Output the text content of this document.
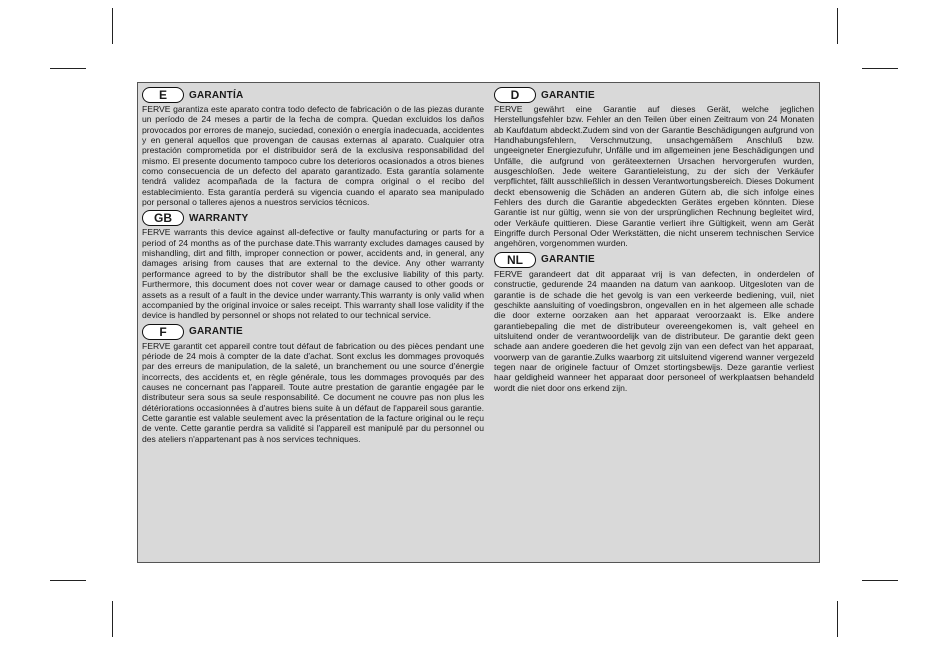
E	GARANTÍA

FERVE garantiza este aparato contra todo defecto de fabricación o de las piezas durante un período de 24 meses a partir de la fecha de compra. Quedan excluidos los daños provocados por errores de manejo, suciedad, conexión o energía inadecuada, accidentes y en general aquellos que provengan de causas externas al aparato. Cualquier otra prestación comprometida por el distribuidor será de la exclusiva responsabilidad del mismo. El presente documento tampoco cubre los deterioros ocasionados a otros bienes como consecuencia de un defecto del aparato garantizado. Esta garantía solamente tendrá validez acompañada de la factura de compra original o el recibo del establecimiento. Esta garantía perderá su vigencia cuando el aparato sea manipulado por personal o talleres ajenos a nuestros servicios técnicos.

GB	WARRANTY

FERVE warrants this device against all-defective or faulty manufacturing or parts for a period of 24 months as of the purchase date.This warranty excludes damages caused by mishandling, dirt and filth, improper connection or power, accidents and, in general, any damages arising from causes that are external to the device. Any other warranty performance agreed to by the distributor shall be the exclusive liability of this party. Furthermore, this document does not cover wear or damage caused to other goods or assets as a result of a fault in the device under warranty.This warranty is only valid when accompanied by the original invoice or sales receipt. This warranty shall lose validity if the device is handled by personnel or shops not related to our technical service.

F	GARANTIE

FERVE garantit cet appareil contre tout défaut de fabrication ou des pièces pendant une période de 24 mois à compter de la date d'achat. Sont exclus les dommages provoqués par des erreurs de manipulation, de la saleté, un branchement ou une source d'énergie incorrects, des accidents et, en règle générale, tous les dommages provoqués par des causes ne concernant pas l'appareil. Toute autre prestation de garantie engagée par le distributeur sera sous sa seule responsabilité. Ce document ne couvre pas non plus les détériorations occasionnées à d'autres biens suite à un défaut de l'appareil sous garantie. Cette garantie est valable seulement avec la présentation de la facture original ou le reçu de vente. Cette garantie perdra sa validité si l'appareil est manipulé par du personnel ou des ateliers n'appartenant pas à nos services techniques.

D	GARANTIE

FERVE gewährt eine Garantie auf dieses Gerät, welche jeglichen Herstellungsfehler bzw. Fehler an den Teilen über einen Zeitraum von 24 Monaten ab Kaufdatum abdeckt.Zudem sind von der Garantie Beschädigungen aufgrund von Handhabungsfehlern, Verschmutzung, unsachgemäßem Anschluß bzw. ungeeigneter Energiezufuhr, Unfälle und im allgemeinen jene Beschädigungen und Unfälle, die aufgrund von geräteexternen Ursachen hervorgerufen wurden, ausgeschloßen. Jede weitere Garantieleistung, zu der sich der Verkäufer verpflichtet, fällt ausschließlich in dessen Verantwortungsbereich. Dieses Dokument deckt ebensowenig die Schäden an anderen Gütern ab, die sich infolge eines Fehlers des durch die Garantie abgedeckten Gerätes ergeben könnten. Diese Garantie ist nur gültig, wenn sie von der ursprünglichen Rechnung begleitet wird, oder Verkäufe quittieren. Diese Garantie verliert ihre Gültigkeit, wenn am Gerät Eingriffe durch Personal Oder Werkstätten, die nicht unserem technischen Service angehören, vorgenommen wurden.

NL	GARANTIE

FERVE garandeert dat dit apparaat vrij is van defecten, in onderdelen of constructie, gedurende 24 maanden na datum van aankoop. Uitgesloten van de garantie is de schade die het gevolg is van een verkeerde bediening, vuil, niet geschikte aansluiting of voedingsbron, ongevallen en in het algemeen alle schade die door externe oorzaken aan het apparaat veroorzaakt is. Elke andere garantiebepaling die met de distributeur overeengekomen is, valt geheel en uitsluitend onder de verantwoordelijk van de distributeur. De garantie dekt geen schade aan andere goederen die het gevolg zijn van een defect van het apparaat, voorwerp van de garantie.Zulks waarborg zit uitsluitend vigerend wanner vergezeld tegen naar de originele factuur of Omzet stortingsbewijs. Deze garantie verliest haar geldigheid wanneer het apparaat door personeel of werkplaatsen behandeld wordt die niet door ons erkend zijn.
